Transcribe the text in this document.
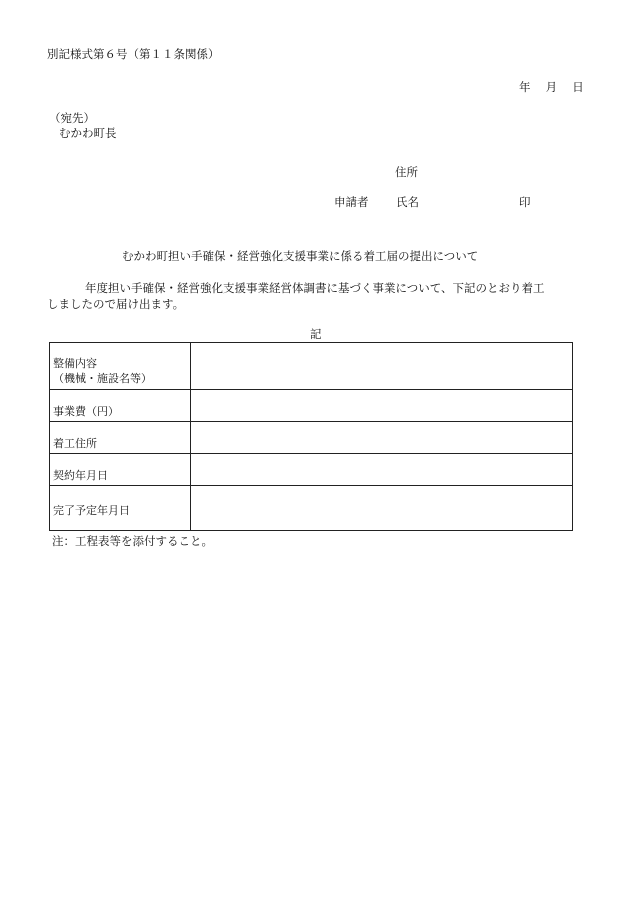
別記様式第６号（第１１条関係）
年　 月　 日
（宛先）
むかわ町長
住所
申請者 氏名	印
むかわ町担い手確保・経営強化支援事業に係る着工届の提出について
年度担い手確保・経営強化支援事業経営体調書に基づく事業について、下記のとおり着工
しましたので届け出ます。
記
整備内容
（機械・施設名等）
事業費（円）
着工住所
契約年月日
完了予定年月日
注：工程表等を添付すること。
